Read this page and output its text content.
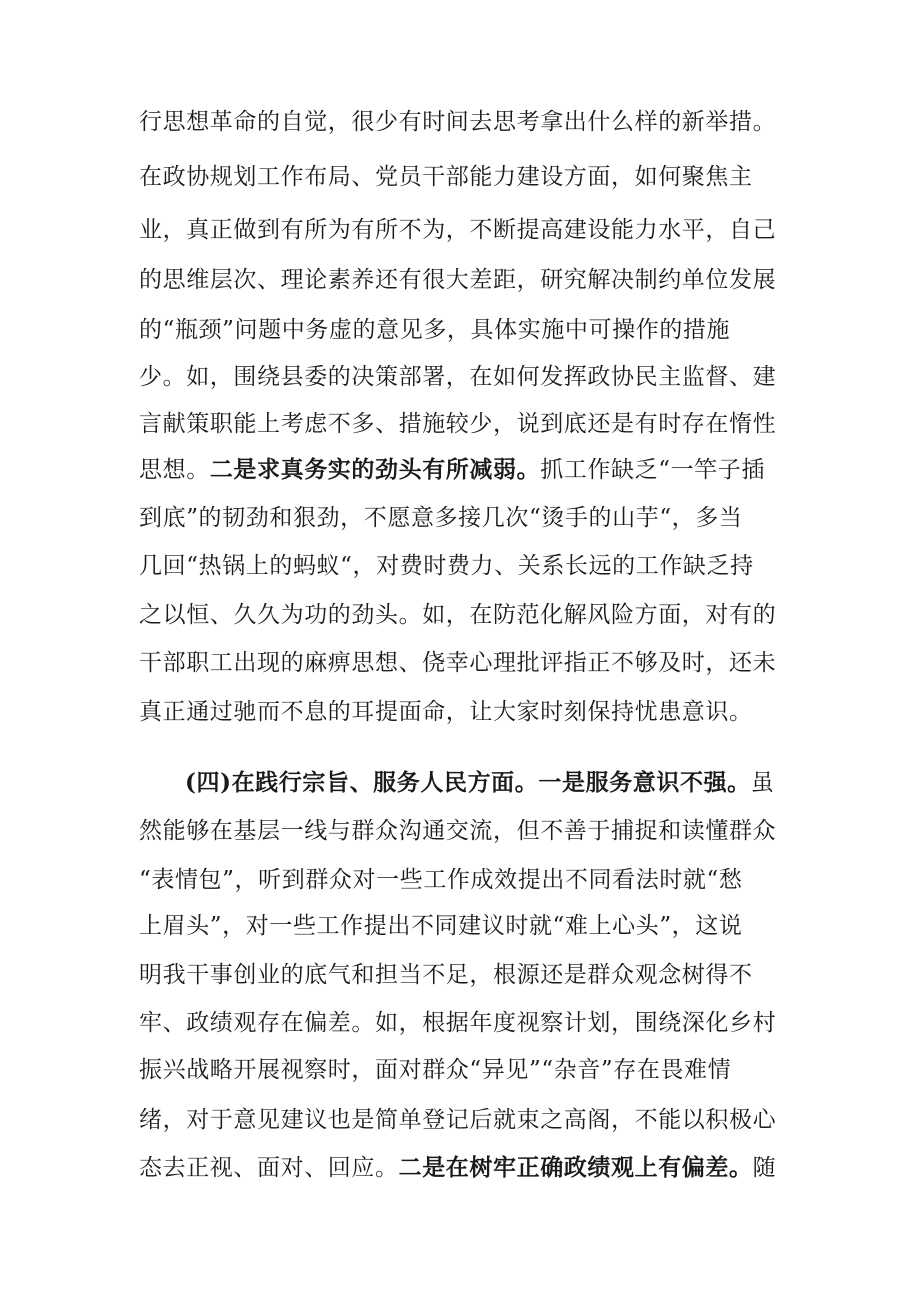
行思想革命的自觉，很少有时间去思考拿出什么样的新举措。
在政协规划工作布局、党员干部能力建设方面，如何聚焦主
业，真正做到有所为有所不为，不断提高建设能力水平，自己
的思维层次、理论素养还有很大差距，研究解决制约单位发展
的“瓶颈”问题中务虚的意见多，具体实施中可操作的措施
少。如，围绕县委的决策部署，在如何发挥政协民主监督、建
言献策职能上考虑不多、措施较少，说到底还是有时存在惰性
思想。二是求真务实的劲头有所减弱。抓工作缺乏“一竿子插
到底”的韧劲和狠劲，不愿意多接几次“烫手的山芋“，多当
几回“热锅上的蚂蚁“，对费时费力、关系长远的工作缺乏持
之以恒、久久为功的劲头。如，在防范化解风险方面，对有的
干部职工出现的麻痹思想、侥幸心理批评指正不够及时，还未
真正通过驰而不息的耳提面命，让大家时刻保持忧患意识。
(四)在践行宗旨、服务人民方面。一是服务意识不强。虽
然能够在基层一线与群众沟通交流，但不善于捕捉和读懂群众
“表情包”，听到群众对一些工作成效提出不同看法时就“愁
上眉头”，对一些工作提出不同建议时就“难上心头”，这说
明我干事创业的底气和担当不足，根源还是群众观念树得不
牢、政绩观存在偏差。如，根据年度视察计划，围绕深化乡村
振兴战略开展视察时，面对群众“异见”“杂音”存在畏难情
绪，对于意见建议也是简单登记后就束之高阁，不能以积极心
态去正视、面对、回应。二是在树牢正确政绩观上有偏差。随
